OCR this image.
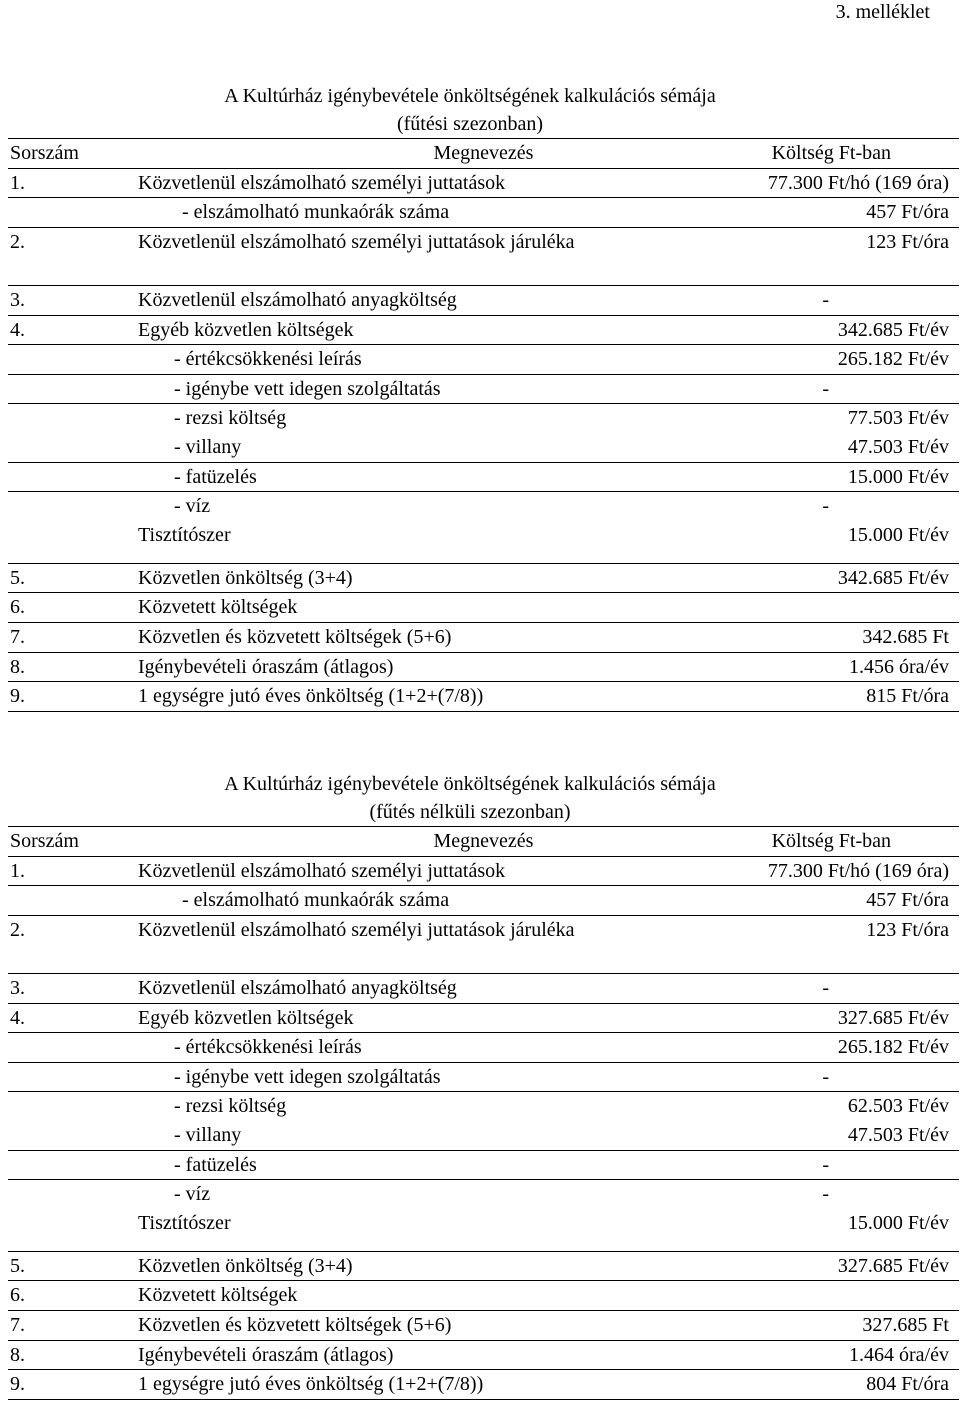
3. melléklet
A Kultúrház igénybevétele önköltségének kalkulációs sémája
(fűtési szezonban)
Sorszám	Megnevezés	Költség Ft-ban
1.	Közvetlenül elszámolható személyi juttatások	77.300 Ft/hó (169 óra)
- elszámolható munkaórák száma	457 Ft/óra
2.	Közvetlenül elszámolható személyi juttatások járuléka	123 Ft/óra
3.	Közvetlenül elszámolható anyagköltség	-
4.	Egyéb közvetlen költségek	342.685 Ft/év
- értékcsökkenési leírás	265.182 Ft/év
- igénybe vett idegen szolgáltatás	-
- rezsi költség	77.503 Ft/év
- villany	47.503 Ft/év
- fatüzelés	15.000 Ft/év
- víz	-
Tisztítószer	15.000 Ft/év
5.	Közvetlen önköltség (3+4)	342.685 Ft/év
6.	Közvetett költségek
7.	Közvetlen és közvetett költségek (5+6)	342.685 Ft
8.	Igénybevételi óraszám (átlagos)	1.456 óra/év
9.	1 egységre jutó éves önköltség (1+2+(7/8))	815 Ft/óra
A Kultúrház igénybevétele önköltségének kalkulációs sémája
(fűtés nélküli szezonban)
Sorszám	Megnevezés	Költség Ft-ban
1.	Közvetlenül elszámolható személyi juttatások	77.300 Ft/hó (169 óra)
- elszámolható munkaórák száma	457 Ft/óra
2.	Közvetlenül elszámolható személyi juttatások járuléka	123 Ft/óra
3.	Közvetlenül elszámolható anyagköltség	-
4.	Egyéb közvetlen költségek	327.685 Ft/év
- értékcsökkenési leírás	265.182 Ft/év
- igénybe vett idegen szolgáltatás	-
- rezsi költség	62.503 Ft/év
- villany	47.503 Ft/év
- fatüzelés	-
- víz	-
Tisztítószer	15.000 Ft/év
5.	Közvetlen önköltség (3+4)	327.685 Ft/év
6.	Közvetett költségek
7.	Közvetlen és közvetett költségek (5+6)	327.685 Ft
8.	Igénybevételi óraszám (átlagos)	1.464 óra/év
9.	1 egységre jutó éves önköltség (1+2+(7/8))	804 Ft/óra
